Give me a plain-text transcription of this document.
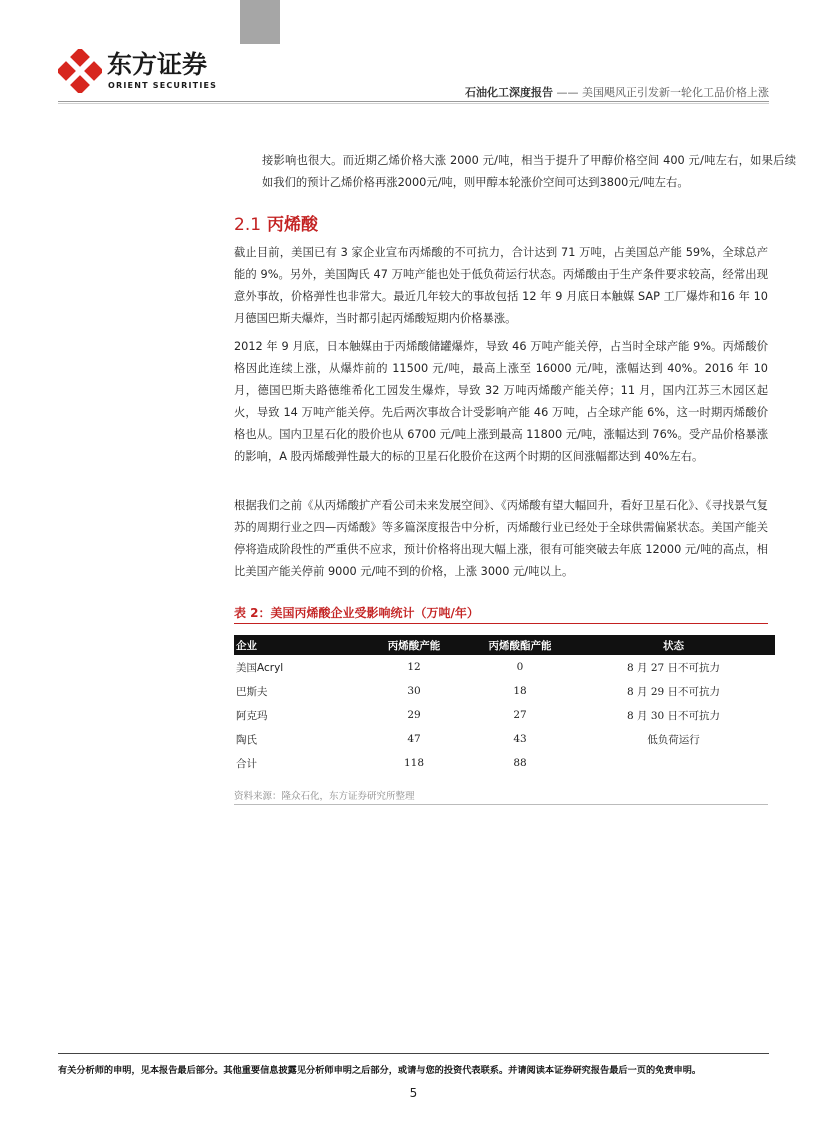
东方证券
ORIENT SECURITIES
石油化工深度报告 —— 美国飓风正引发新一轮化工品价格上涨

接影响也很大。而近期乙烯价格大涨 2000 元/吨，相当于提升了甲醇价格空间 400 元/吨左右，如果后续如我们的预计乙烯价格再涨2000元/吨，则甲醇本轮涨价空间可达到3800元/吨左右。

2.1 丙烯酸

截止目前，美国已有 3 家企业宣布丙烯酸的不可抗力，合计达到 71 万吨，占美国总产能 59%，全球总产能的 9%。另外，美国陶氏 47 万吨产能也处于低负荷运行状态。丙烯酸由于生产条件要求较高，经常出现意外事故，价格弹性也非常大。最近几年较大的事故包括 12 年 9 月底日本触媒 SAP 工厂爆炸和16 年 10 月德国巴斯夫爆炸，当时都引起丙烯酸短期内价格暴涨。

2012 年 9 月底，日本触媒由于丙烯酸储罐爆炸，导致 46 万吨产能关停，占当时全球产能 9%。丙烯酸价格因此连续上涨，从爆炸前的 11500 元/吨，最高上涨至 16000 元/吨，涨幅达到 40%。2016 年 10 月，德国巴斯夫路德维希化工园发生爆炸，导致 32 万吨丙烯酸产能关停；11 月，国内江苏三木园区起火，导致 14 万吨产能关停。先后两次事故合计受影响产能 46 万吨，占全球产能 6%，这一时期丙烯酸价格也从。国内卫星石化的股价也从 6700 元/吨上涨到最高 11800 元/吨，涨幅达到 76%。受产品价格暴涨的影响，A 股丙烯酸弹性最大的标的卫星石化股价在这两个时期的区间涨幅都达到 40%左右。

根据我们之前《从丙烯酸扩产看公司未来发展空间》、《丙烯酸有望大幅回升，看好卫星石化》、《寻找景气复苏的周期行业之四—丙烯酸》等多篇深度报告中分析，丙烯酸行业已经处于全球供需偏紧状态。美国产能关停将造成阶段性的严重供不应求，预计价格将出现大幅上涨，很有可能突破去年底 12000 元/吨的高点，相比美国产能关停前 9000 元/吨不到的价格，上涨 3000 元/吨以上。

表 2：美国丙烯酸企业受影响统计（万吨/年）
企业	丙烯酸产能	丙烯酸酯产能	状态
美国Acryl	12	0	8 月 27 日不可抗力
巴斯夫	30	18	8 月 29 日不可抗力
阿克玛	29	27	8 月 30 日不可抗力
陶氏	47	43	低负荷运行
合计	118	88	
资料来源：隆众石化，东方证券研究所整理
有关分析师的申明，见本报告最后部分。其他重要信息披露见分析师申明之后部分，或请与您的投资代表联系。并请阅读本证券研究报告最后一页的免责申明。
5
